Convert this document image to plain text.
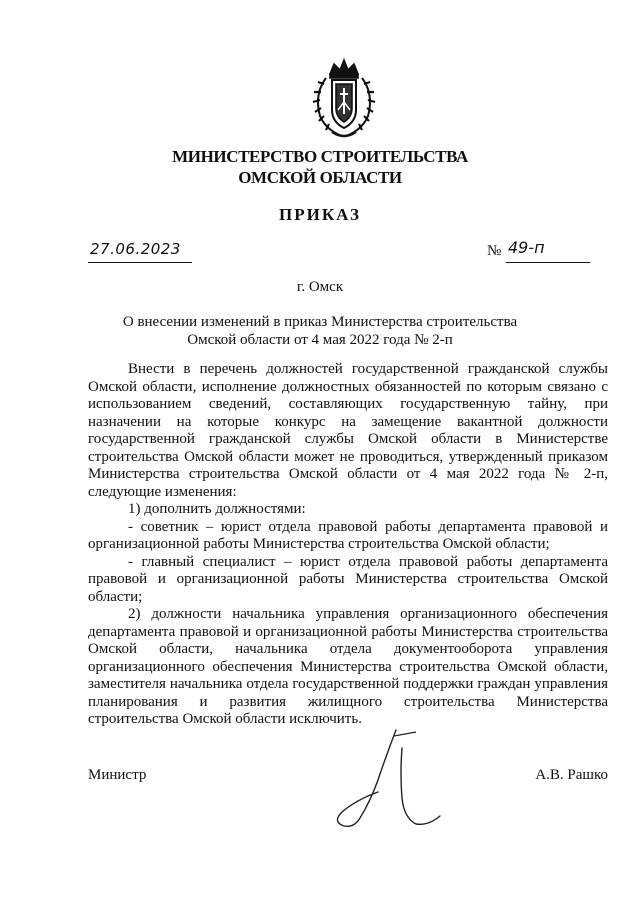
МИНИСТЕРСТВО СТРОИТЕЛЬСТВА
ОМСКОЙ ОБЛАСТИ
ПРИКАЗ
27.06.2023	№ 49-п
г. Омск
О внесении изменений в приказ Министерства строительства
Омской области от 4 мая 2022 года № 2-п

Внести в перечень должностей государственной гражданской службы Омской области, исполнение должностных обязанностей по которым связано с использованием сведений, составляющих государственную тайну, при назначении на которые конкурс на замещение вакантной должности государственной гражданской службы Омской области в Министерстве строительства Омской области может не проводиться, утвержденный приказом Министерства строительства Омской области от 4 мая 2022 года № 2-п, следующие изменения:

1) дополнить должностями:

- советник – юрист отдела правовой работы департамента правовой и организационной работы Министерства строительства Омской области;

- главный специалист – юрист отдела правовой работы департамента правовой и организационной работы Министерства строительства Омской области;

2) должности начальника управления организационного обеспечения департамента правовой и организационной работы Министерства строительства Омской области, начальника отдела документооборота управления организационного обеспечения Министерства строительства Омской области, заместителя начальника отдела государственной поддержки граждан управления планирования и развития жилищного строительства Министерства строительства Омской области исключить.

Министр	А.В. Рашко
